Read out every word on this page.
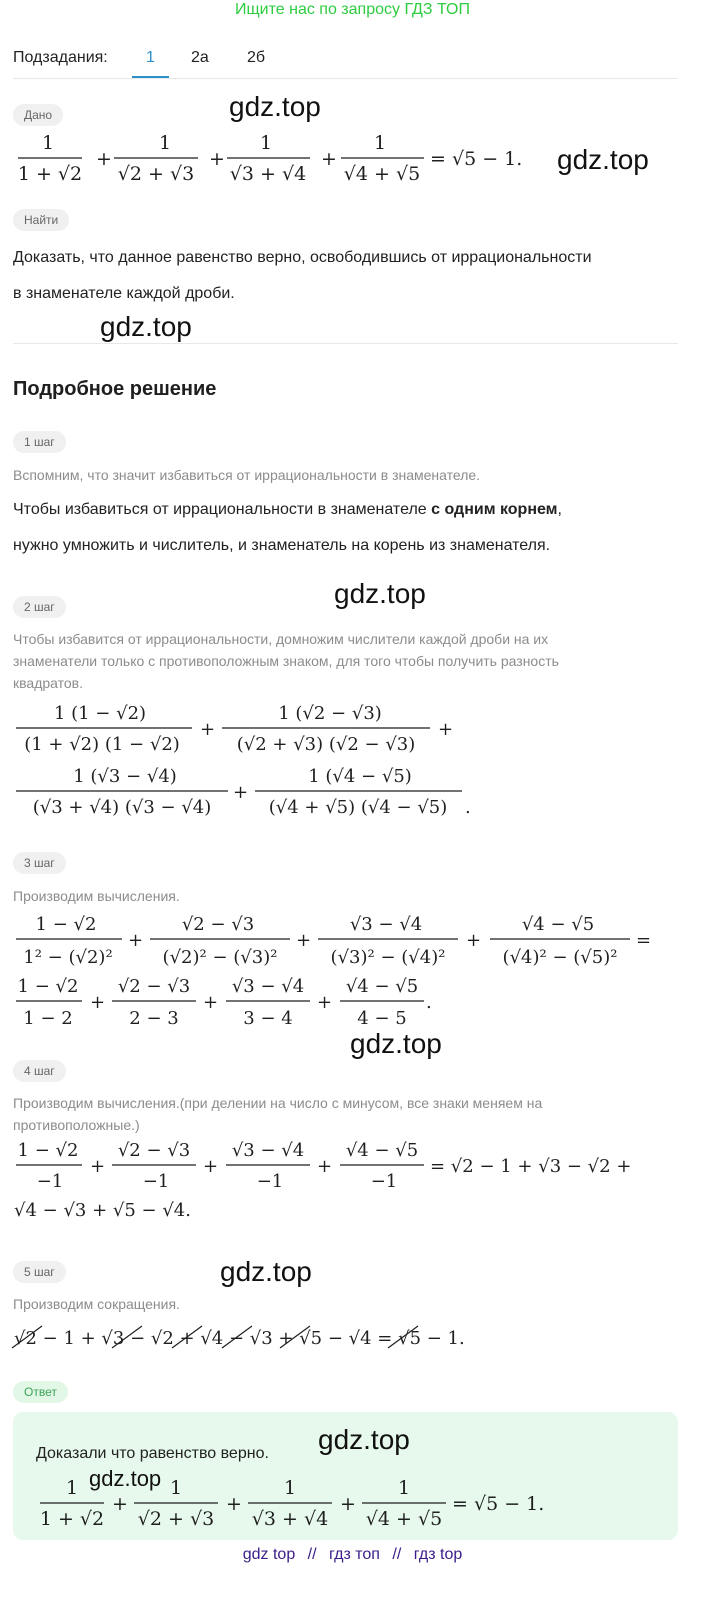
Ищите нас по запросу ГДЗ ТОП
Подзадания: 1 2а 2б
Дано	gdz.top
1
1 + √2
+
1
√2 + √3
+
1
√3 + √4
+
1
√4 + √5
= √5 − 1. gdz.top
Найти
Доказать, что данное равенство верно, освободившись от иррациональности
в знаменателе каждой дроби.
gdz.top
Подробное решение
1 шаг
Вспомним, что значит избавиться от иррациональности в знаменателе.
Чтобы избавиться от иррациональности в знаменателе с одним корнем,
нужно умножить и числитель, и знаменатель на корень из знаменателя.
gdz.top
2 шаг
Чтобы избавится от иррациональности, домножим числители каждой дроби на их
знаменатели только с противоположным знаком, для того чтобы получить разность
квадратов.
1 (1 − √2)
(1 + √2) (1 − √2)
+
1 (√2 − √3)
(√2 + √3) (√2 − √3)
+
1 (√3 − √4)
(√3 + √4) (√3 − √4)
+
1 (√4 − √5)
(√4 + √5) (√4 − √5) .
3 шаг
Производим вычисления.
1 − √2
1² − (√2)²
+
√2 − √3
(√2)² − (√3)²
+
√3 − √4
(√3)² − (√4)²
+
√4 − √5
(√4)² − (√5)²
=
1 − √2
1 − 2
+
√2 − √3
2 − 3
+
√3 − √4
3 − 4
+
√4 − √5
4 − 5
.
gdz.top
4 шаг
Производим вычисления.(при делении на число с минусом, все знаки меняем на
противоположные.)
1 − √2
−1
+
√2 − √3
−1
+
√3 − √4
−1
+
√4 − √5
−1
= √2 − 1 + √3 − √2 +
√4 − √3 + √5 − √4.
gdz.top
5 шаг
Производим сокращения.
√2 − 1 + √3 − √2 + √4 − √3 + √5 − √4 = √5 − 1.
Ответ
gdz.top
Доказали что равенство верно.
1
1 + √2
+
1
√2 + √3
+
1
√3 + √4
+
1
√4 + √5
= √5 − 1.
gdz.top
gdz top // гдз топ // гдз top
